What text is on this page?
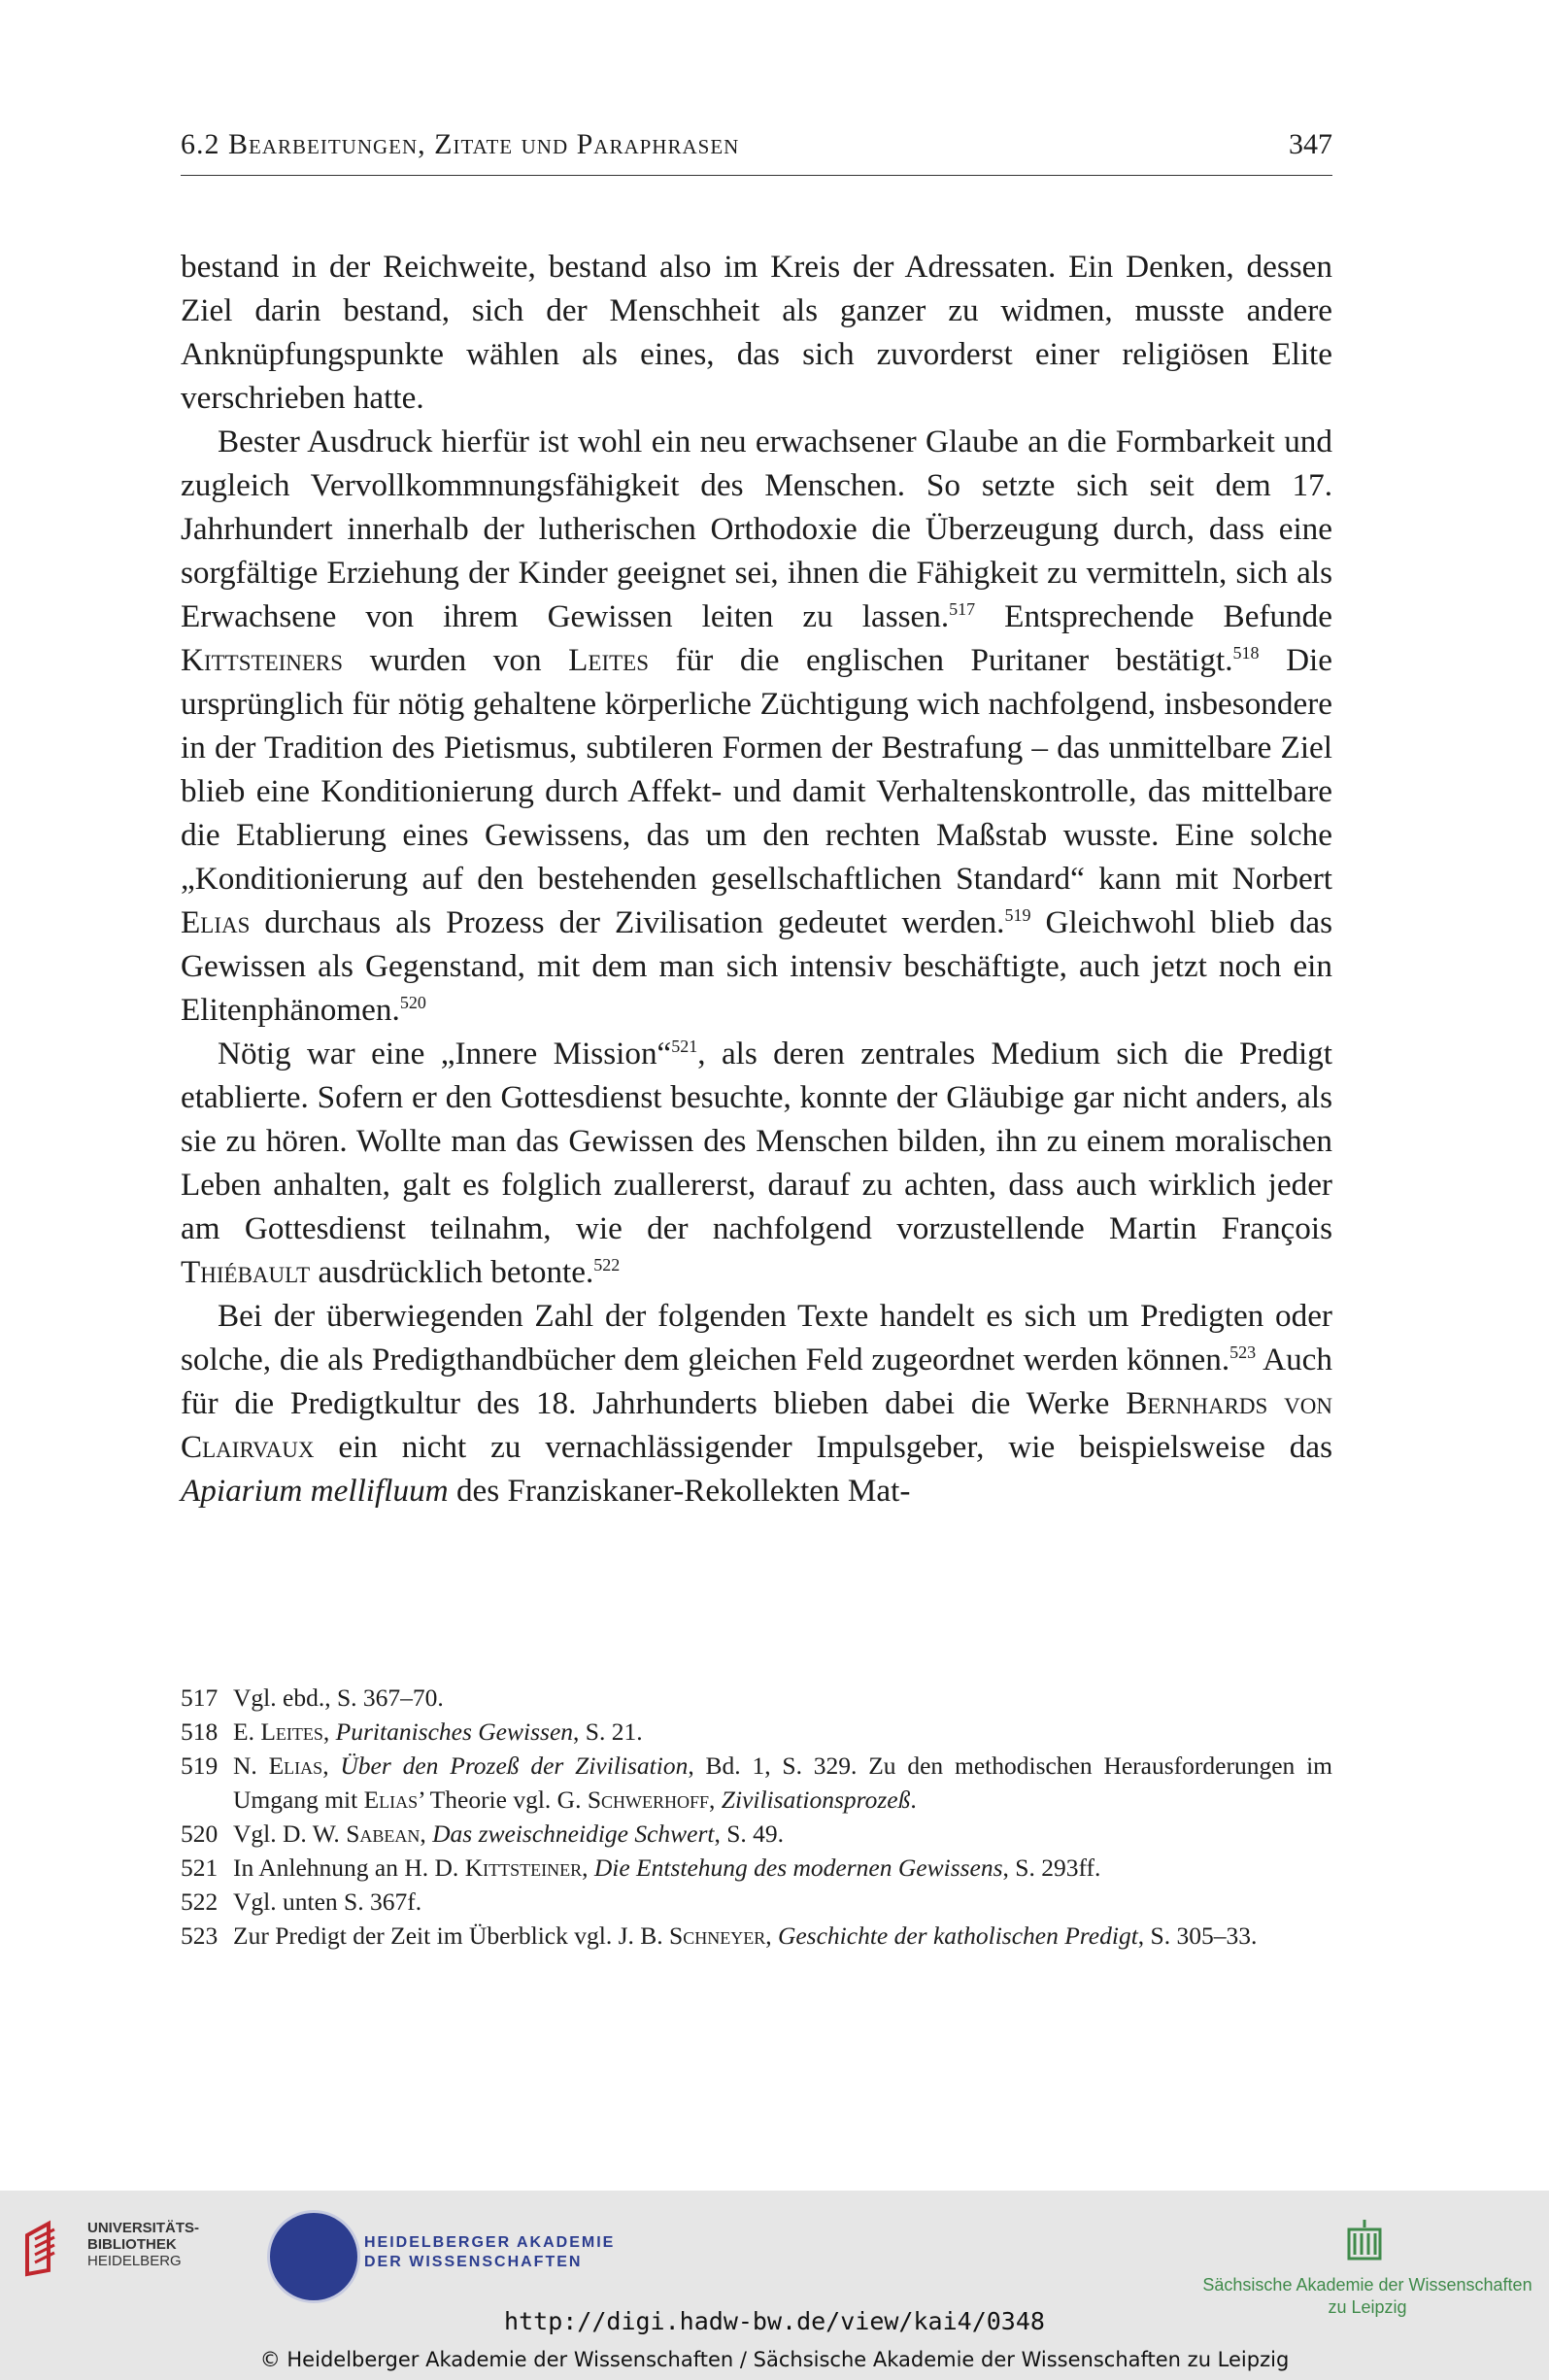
6.2 Bearbeitungen, Zitate und Paraphrasen	347

bestand in der Reichweite, bestand also im Kreis der Adressaten. Ein Denken, dessen Ziel darin bestand, sich der Menschheit als ganzer zu widmen, musste andere Anknüpfungspunkte wählen als eines, das sich zuvorderst einer religiösen Elite verschrieben hatte.

Bester Ausdruck hierfür ist wohl ein neu erwachsener Glaube an die Formbarkeit und zugleich Vervollkommnungsfähigkeit des Menschen. So setzte sich seit dem 17. Jahrhundert innerhalb der lutherischen Orthodoxie die Überzeugung durch, dass eine sorgfältige Erziehung der Kinder geeignet sei, ihnen die Fähigkeit zu vermitteln, sich als Erwachsene von ihrem Gewissen leiten zu lassen.$^{517}$ Entsprechende Befunde Kittsteiners wurden von Leites für die englischen Puritaner bestätigt.$^{518}$ Die ursprünglich für nötig gehaltene körperliche Züchtigung wich nachfolgend, insbesondere in der Tradition des Pietismus, subtileren Formen der Bestrafung – das unmittelbare Ziel blieb eine Konditionierung durch Affekt- und damit Verhaltenskontrolle, das mittelbare die Etablierung eines Gewissens, das um den rechten Maßstab wusste. Eine solche „Konditionierung auf den bestehenden gesellschaftlichen Standard“ kann mit Norbert Elias durchaus als Prozess der Zivilisation gedeutet werden.$^{519}$ Gleichwohl blieb das Gewissen als Gegenstand, mit dem man sich intensiv beschäftigte, auch jetzt noch ein Elitenphänomen.$^{520}$

Nötig war eine „Innere Mission“$^{521}$, als deren zentrales Medium sich die Predigt etablierte. Sofern er den Gottesdienst besuchte, konnte der Gläubige gar nicht anders, als sie zu hören. Wollte man das Gewissen des Menschen bilden, ihn zu einem moralischen Leben anhalten, galt es folglich zuallererst, darauf zu achten, dass auch wirklich jeder am Gottesdienst teilnahm, wie der nachfolgend vorzustellende Martin François Thiébault ausdrücklich betonte.$^{522}$

Bei der überwiegenden Zahl der folgenden Texte handelt es sich um Predigten oder solche, die als Predigthandbücher dem gleichen Feld zugeordnet werden können.$^{523}$ Auch für die Predigtkultur des 18. Jahrhunderts blieben dabei die Werke Bernhards von Clairvaux ein nicht zu vernachlässigender Impulsgeber, wie beispielsweise das Apiarium mellifluum des Franziskaner-Rekollekten Mat-

517 Vgl. ebd., S. 367–70.
518 E. Leites, Puritanisches Gewissen, S. 21.
519 N. Elias, Über den Prozeß der Zivilisation, Bd. 1, S. 329. Zu den methodischen Herausforderungen im Umgang mit Elias’ Theorie vgl. G. Schwerhoff, Zivilisationsprozeß.
520 Vgl. D. W. Sabean, Das zweischneidige Schwert, S. 49.
521 In Anlehnung an H. D. Kittsteiner, Die Entstehung des modernen Gewissens, S. 293ff.
522 Vgl. unten S. 367f.
523 Zur Predigt der Zeit im Überblick vgl. J. B. Schneyer, Geschichte der katholischen Predigt, S. 305–33.
UNIVERSITÄTS-
BIBLIOTHEK
HEIDELBERG
HEIDELBERGER AKADEMIE
DER WISSENSCHAFTEN
Sächsische Akademie der Wissenschaften
zu Leipzig
http://digi.hadw-bw.de/view/kai4/0348
© Heidelberger Akademie der Wissenschaften / Sächsische Akademie der Wissenschaften zu Leipzig
